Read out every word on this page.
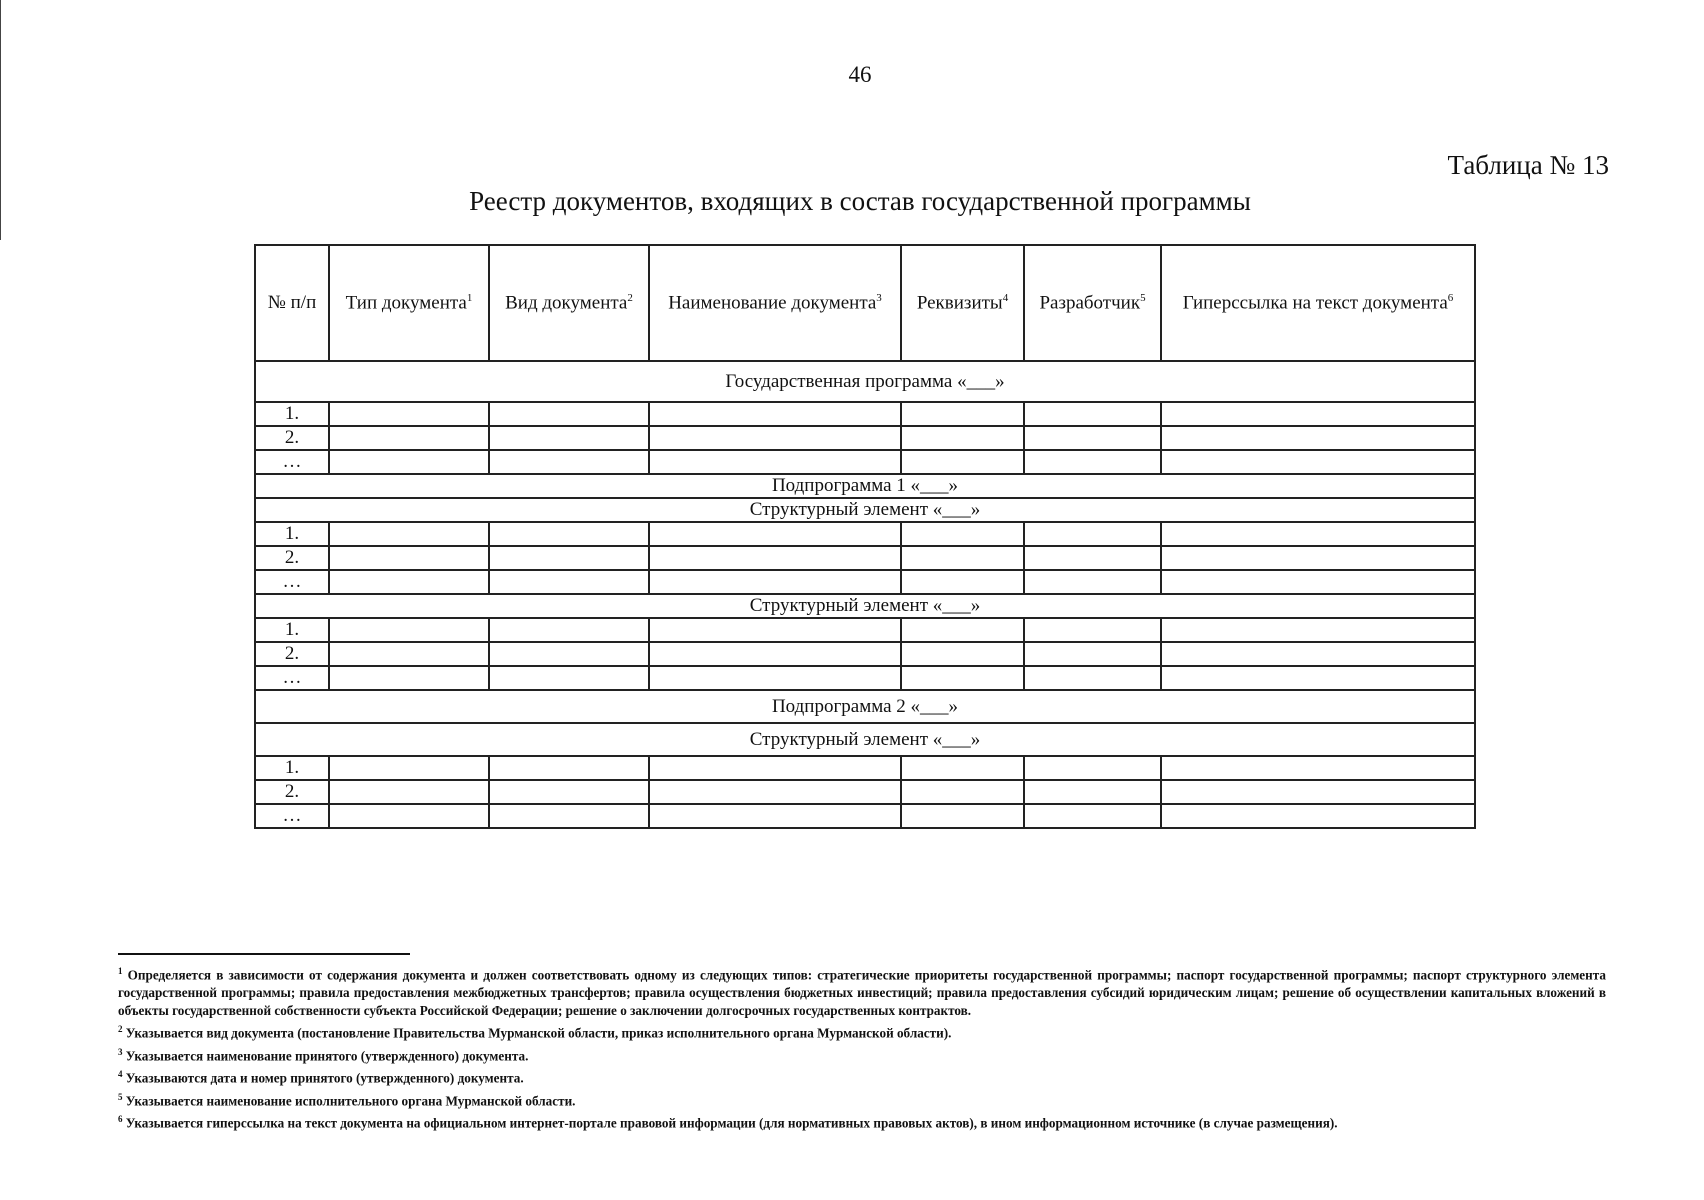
46
Таблица № 13
Реестр документов, входящих в состав государственной программы
№ п/п	Тип документа$^1$	Вид документа$^2$	Наименование документа$^3$	Реквизиты$^4$	Разработчик$^5$	Гиперссылка на текст документа$^6$
Государственная программа «___»						
1.						
2.						
…						
Подпрограмма 1 «___»						
Структурный элемент «___»						
1.						
2.						
…						
Структурный элемент «___»						
1.						
2.						
…						
Подпрограмма 2 «___»						
Структурный элемент «___»						
1.						
2.						
…						

$^1$ Определяется в зависимости от содержания документа и должен соответствовать одному из следующих типов: стратегические приоритеты государственной программы; паспорт государственной программы; паспорт структурного элемента государственной программы; правила предоставления межбюджетных трансфертов; правила осуществления бюджетных инвестиций; правила предоставления субсидий юридическим лицам; решение об осуществлении капитальных вложений в объекты государственной собственности субъекта Российской Федерации; решение о заключении долгосрочных государственных контрактов.

$^2$ Указывается вид документа (постановление Правительства Мурманской области, приказ исполнительного органа Мурманской области).

$^3$ Указывается наименование принятого (утвержденного) документа.

$^4$ Указываются дата и номер принятого (утвержденного) документа.

$^5$ Указывается наименование исполнительного органа Мурманской области.

$^6$ Указывается гиперссылка на текст документа на официальном интернет-портале правовой информации (для нормативных правовых актов), в ином информационном источнике (в случае размещения).
